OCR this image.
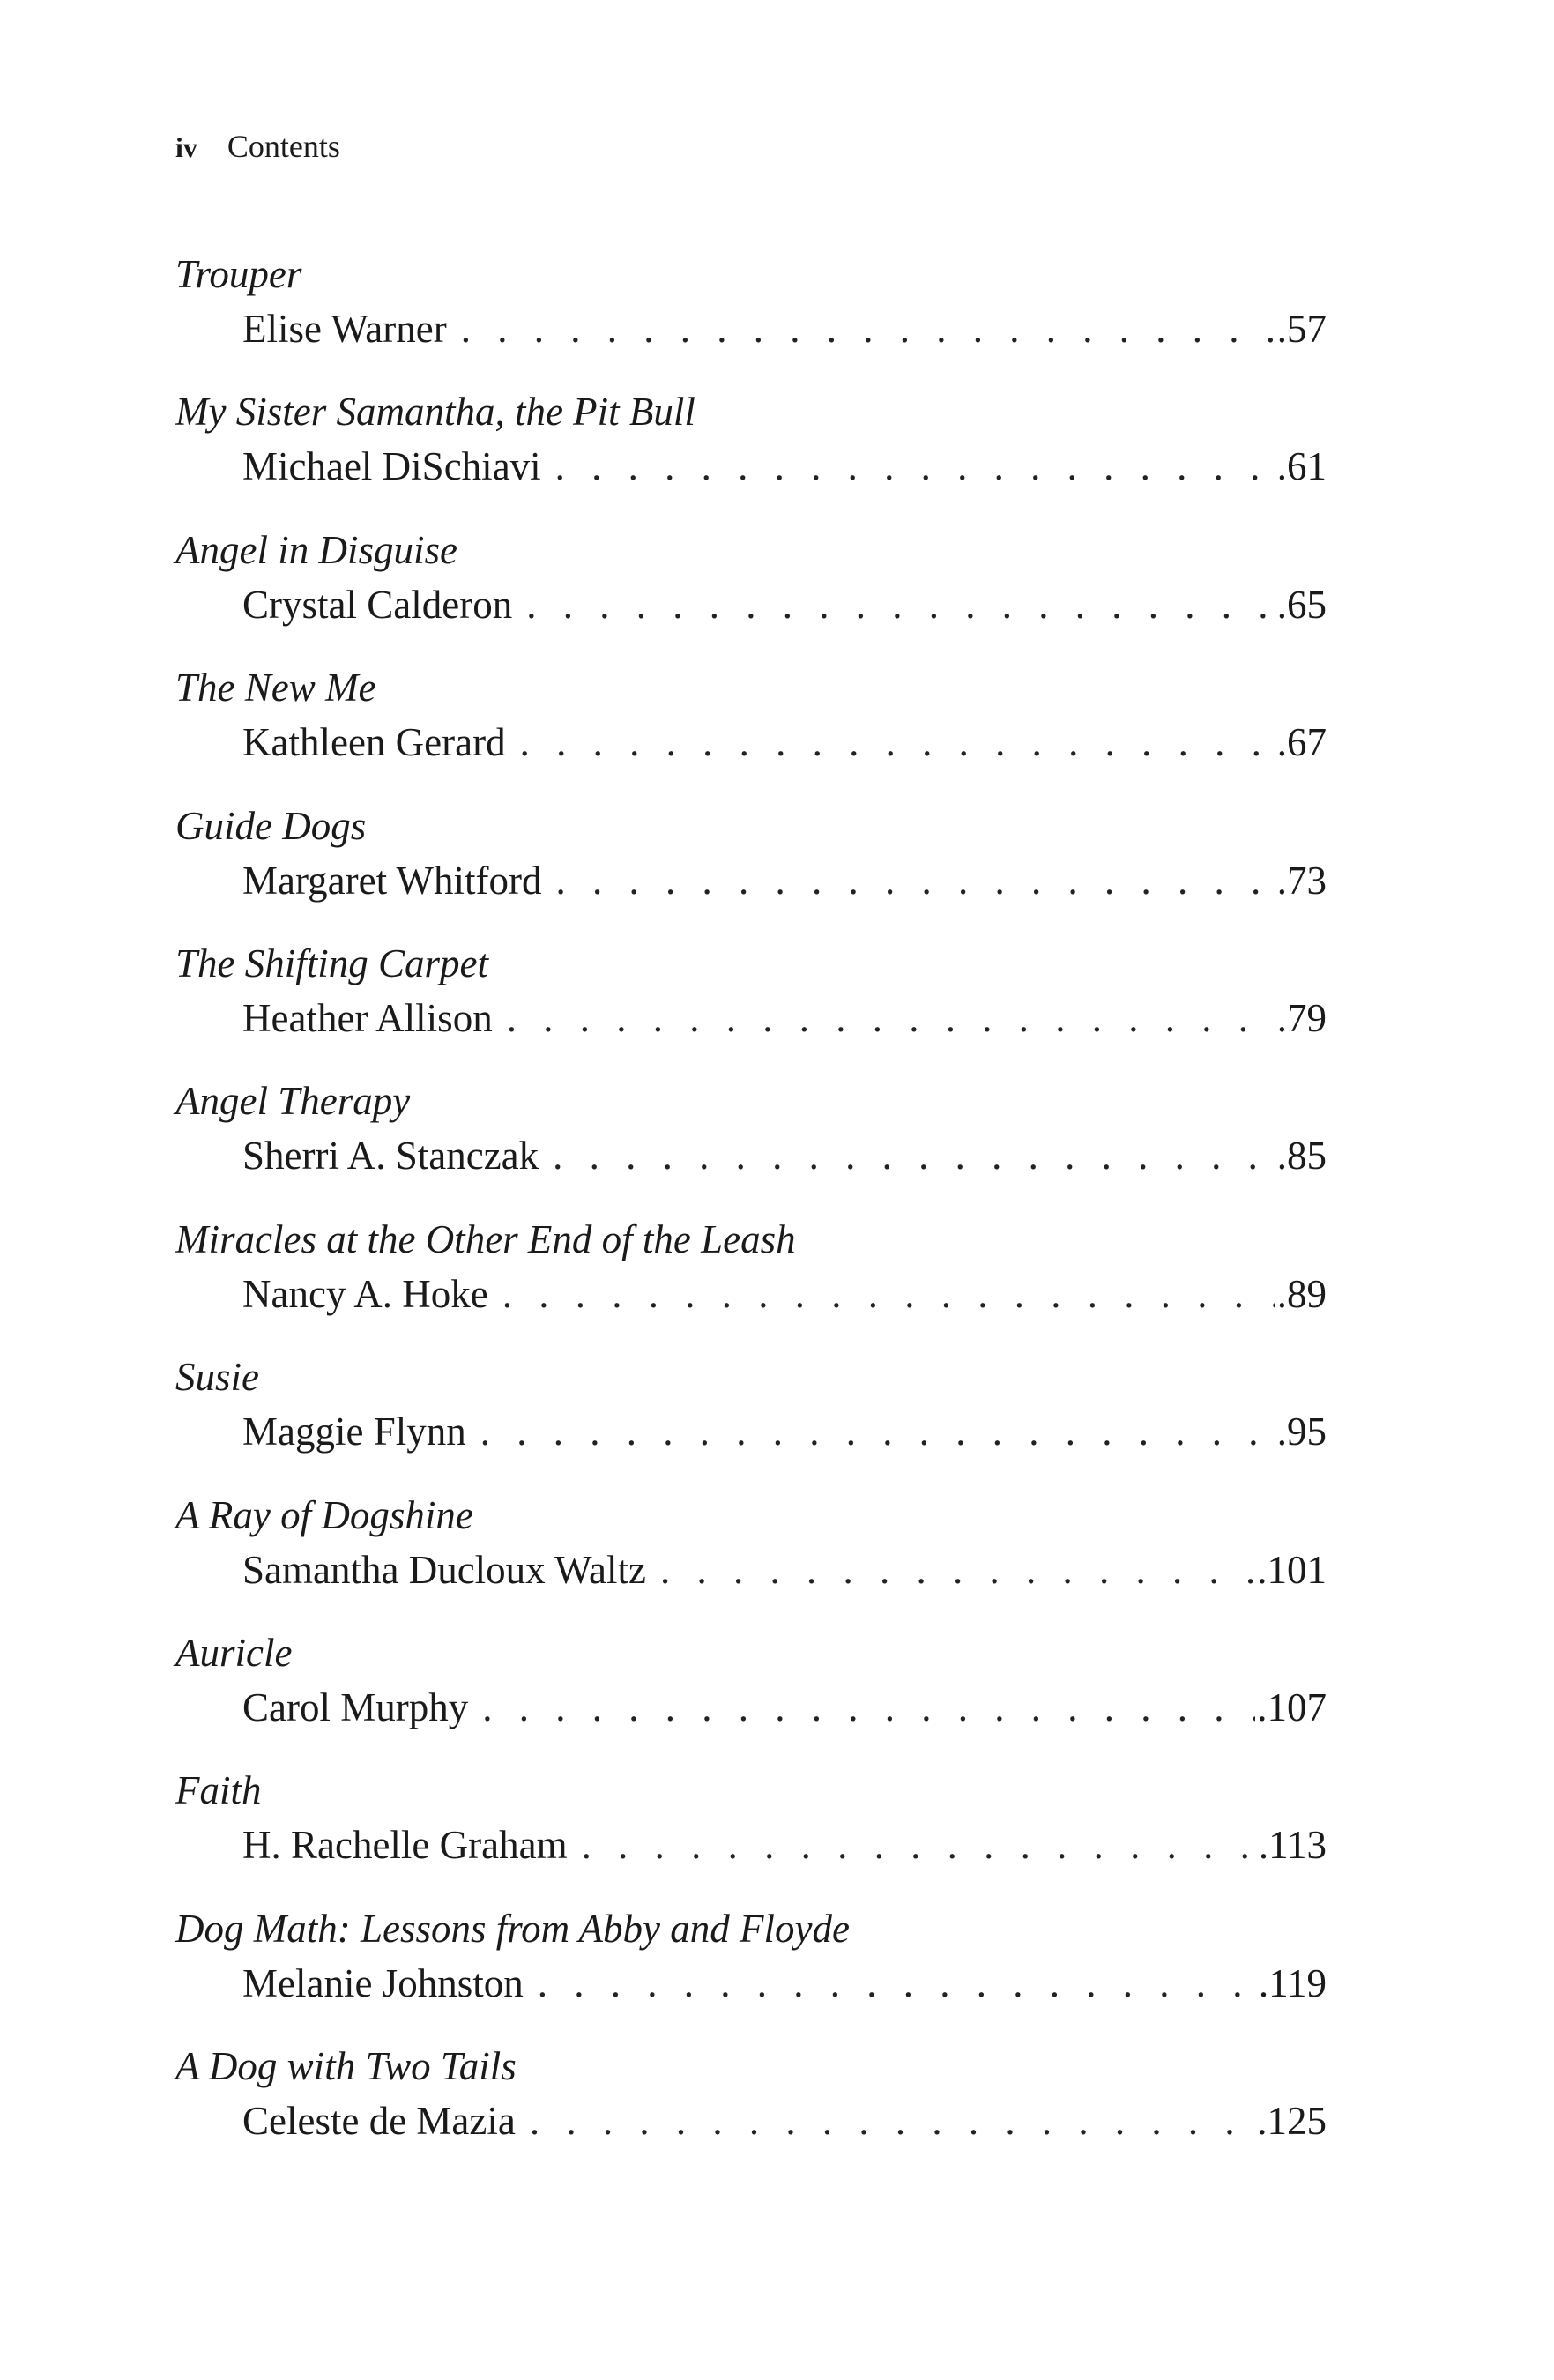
iv Contents
Trouper
Elise Warner . . .	.57
My Sister Samantha, the Pit Bull
Michael DiSchiavi . . .	.61
Angel in Disguise
Crystal Calderon . . .	.65
The New Me
Kathleen Gerard . . .	.67
Guide Dogs
Margaret Whitford . . .	.73
The Shifting Carpet
Heather Allison . . .	.79
Angel Therapy
Sherri A. Stanczak . . .	.85
Miracles at the Other End of the Leash
Nancy A. Hoke . . .	.89
Susie
Maggie Flynn . . .	.95
A Ray of Dogshine
Samantha Ducloux Waltz . . .	.101
Auricle
Carol Murphy . . .	.107
Faith
H. Rachelle Graham . . .	.113
Dog Math: Lessons from Abby and Floyde
Melanie Johnston . . .	.119
A Dog with Two Tails
Celeste de Mazia . . .	.125
